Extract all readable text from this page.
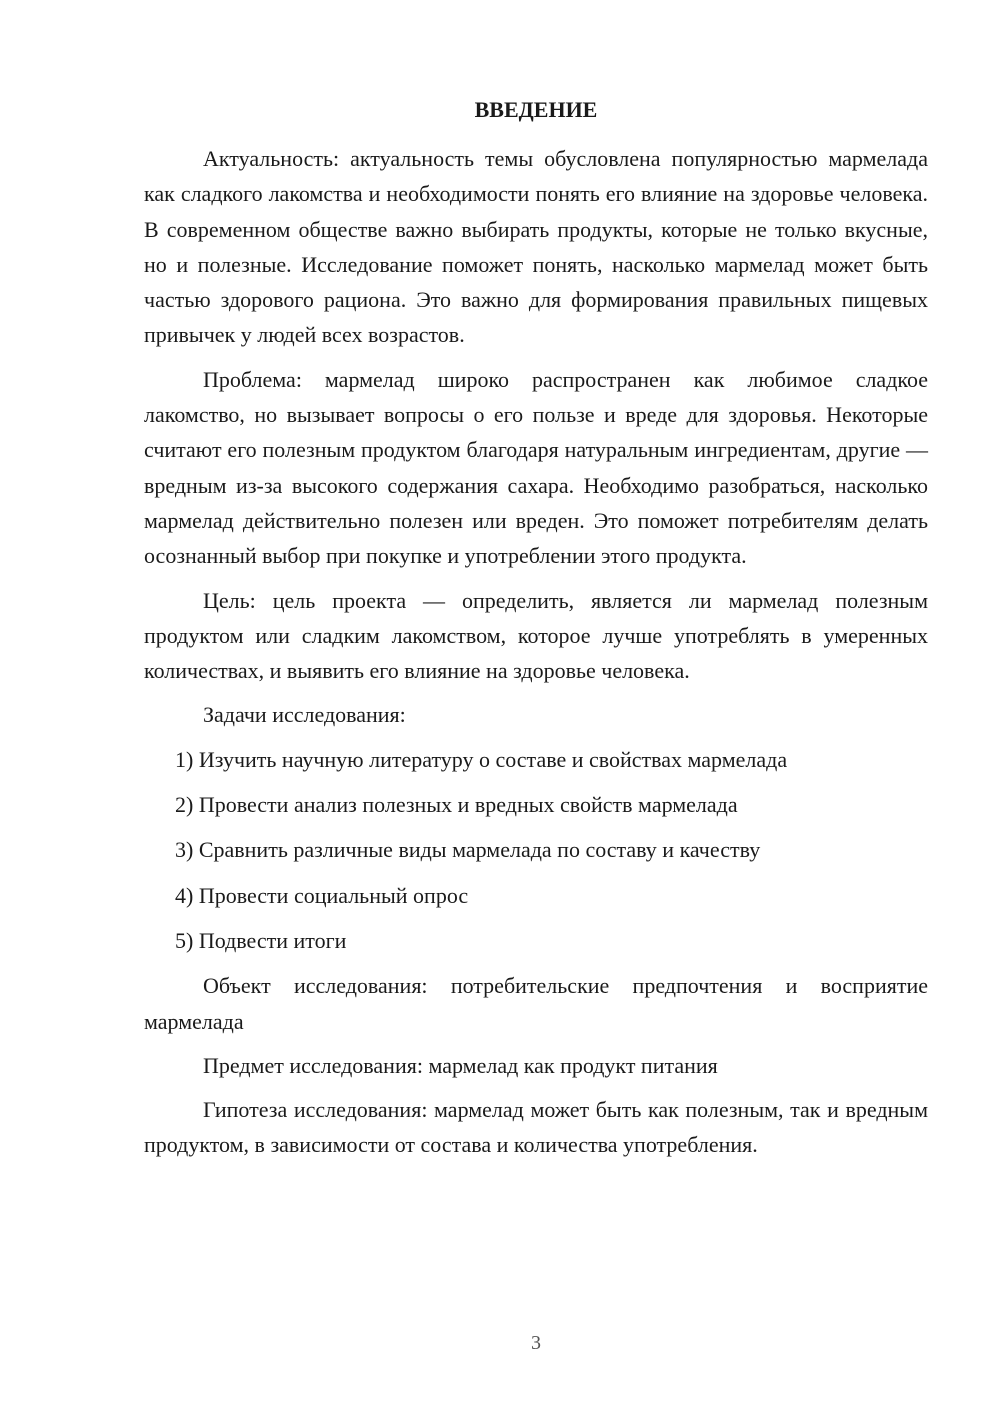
ВВЕДЕНИЕ

Актуальность: актуальность темы обусловлена популярностью мармелада как сладкого лакомства и необходимости понять его влияние на здоровье человека. В современном обществе важно выбирать продукты, которые не только вкусные, но и полезные. Исследование поможет понять, насколько мармелад может быть частью здорового рациона. Это важно для формирования правильных пищевых привычек у людей всех возрастов.

Проблема: мармелад широко распространен как любимое сладкое лакомство, но вызывает вопросы о его пользе и вреде для здоровья. Некоторые считают его полезным продуктом благодаря натуральным ингредиентам, другие — вредным из-за высокого содержания сахара. Необходимо разобраться, насколько мармелад действительно полезен или вреден. Это поможет потребителям делать осознанный выбор при покупке и употреблении этого продукта.

Цель: цель проекта — определить, является ли мармелад полезным продуктом или сладким лакомством, которое лучше употреблять в умеренных количествах, и выявить его влияние на здоровье человека.

Задачи исследования:

1) Изучить научную литературу о составе и свойствах мармелада
2) Провести анализ полезных и вредных свойств мармелада
3) Сравнить различные виды мармелада по составу и качеству
4) Провести социальный опрос
5) Подвести итоги

Объект исследования: потребительские предпочтения и восприятие мармелада

Предмет исследования: мармелад как продукт питания

Гипотеза исследования: мармелад может быть как полезным, так и вредным продуктом, в зависимости от состава и количества употребления.

3
